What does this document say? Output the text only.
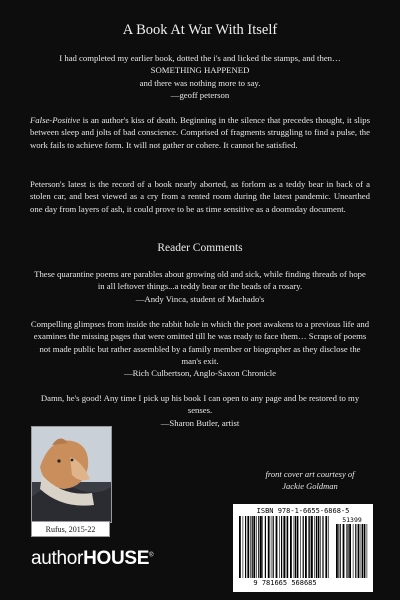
A Book At War With Itself
I had completed my earlier book, dotted the i's and licked the stamps, and then…
SOMETHING HAPPENED
and there was nothing more to say.
—geoff peterson
False-Positive is an author's kiss of death. Beginning in the silence that precedes thought, it slips between sleep and jolts of bad conscience. Comprised of fragments struggling to find a pulse, the work fails to achieve form. It will not gather or cohere. It cannot be satisfied.
Peterson's latest is the record of a book nearly aborted, as forlorn as a teddy bear in back of a stolen car, and best viewed as a cry from a rented room during the latest pandemic. Unearthed one day from layers of ash, it could prove to be as time sensitive as a doomsday document.
Reader Comments
These quarantine poems are parables about growing old and sick, while finding threads of hope in all leftover things...a teddy bear or the beads of a rosary.
—Andy Vinca, student of Machado's
Compelling glimpses from inside the rabbit hole in which the poet awakens to a previous life and examines the missing pages that were omitted till he was ready to face them… Scraps of poems not made public but rather assembled by a family member or biographer as they disclose the man's exit.
—Rich Culbertson, Anglo-Saxon Chronicle
Damn, he's good! Any time I pick up his book I can open to any page and be restored to my senses.
—Sharon Butler, artist
Rufus, 2015-22
front cover art courtesy of
Jackie Goldman
authorHOUSE®
ISBN 978-1-6655-6868-5
51399
9 781665 568685
